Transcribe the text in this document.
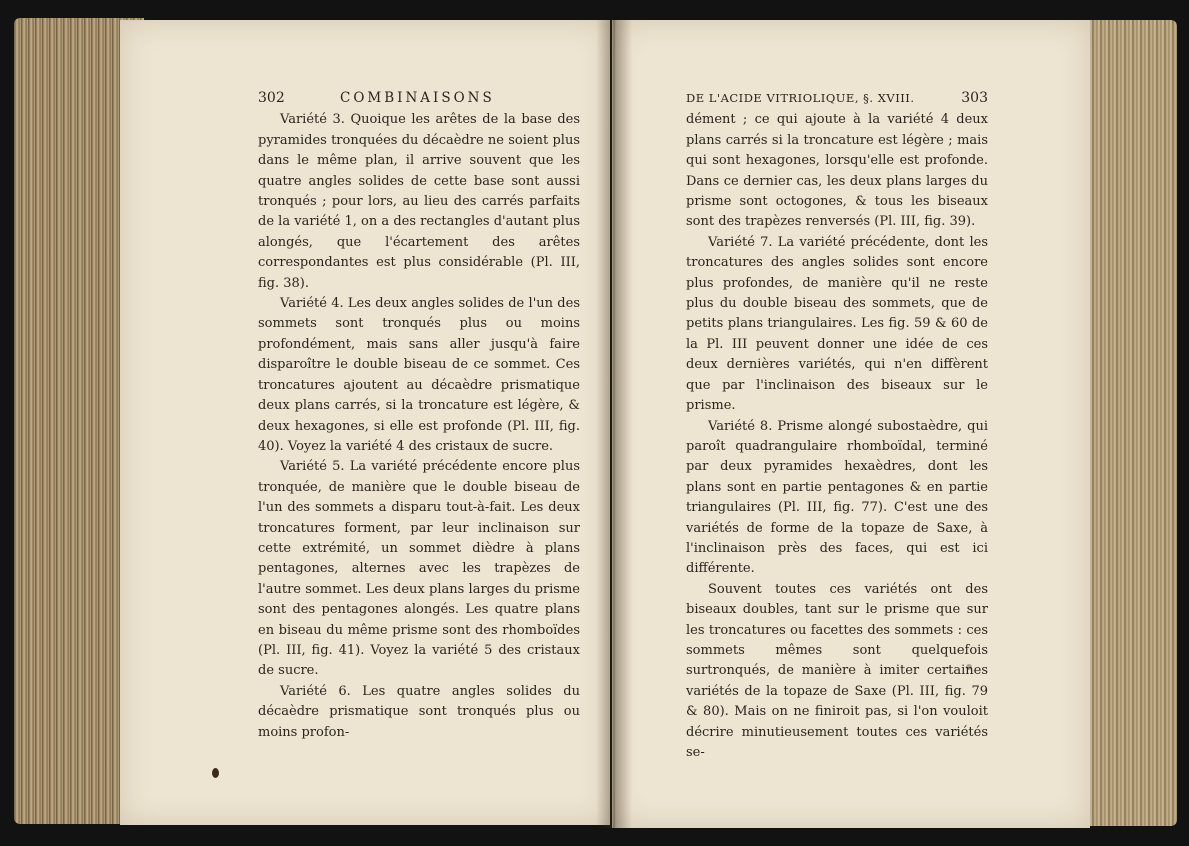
302	COMBINAISONS

Variété 3. Quoique les arêtes de la base des pyramides tronquées du décaèdre ne soient plus dans le même plan, il arrive souvent que les quatre angles solides de cette base sont aussi tronqués ; pour lors, au lieu des carrés parfaits de la variété 1, on a des rectangles d'autant plus alongés, que l'écartement des arêtes correspondantes est plus considérable (Pl. III, fig. 38).

Variété 4. Les deux angles solides de l'un des sommets sont tronqués plus ou moins profondément, mais sans aller jusqu'à faire disparoître le double biseau de ce sommet. Ces troncatures ajoutent au décaèdre prismatique deux plans carrés, si la troncature est légère, & deux hexagones, si elle est profonde (Pl. III, fig. 40). Voyez la variété 4 des cristaux de sucre.

Variété 5. La variété précédente encore plus tronquée, de manière que le double biseau de l'un des sommets a disparu tout-à-fait. Les deux troncatures forment, par leur inclinaison sur cette extrémité, un sommet dièdre à plans pentagones, alternes avec les trapèzes de l'autre sommet. Les deux plans larges du prisme sont des pentagones alongés. Les quatre plans en biseau du même prisme sont des rhomboïdes (Pl. III, fig. 41). Voyez la variété 5 des cristaux de sucre.

Variété 6. Les quatre angles solides du décaèdre prismatique sont tronqués plus ou moins profon-

DE L'ACIDE VITRIOLIQUE, §. XVIII.	303

dément ; ce qui ajoute à la variété 4 deux plans carrés si la troncature est légère ; mais qui sont hexagones, lorsqu'elle est profonde. Dans ce dernier cas, les deux plans larges du prisme sont octogones, & tous les biseaux sont des trapèzes renversés (Pl. III, fig. 39).

Variété 7. La variété précédente, dont les troncatures des angles solides sont encore plus profondes, de manière qu'il ne reste plus du double biseau des sommets, que de petits plans triangulaires. Les fig. 59 & 60 de la Pl. III peuvent donner une idée de ces deux dernières variétés, qui n'en diffèrent que par l'inclinaison des biseaux sur le prisme.

Variété 8. Prisme alongé subostaèdre, qui paroît quadrangulaire rhomboïdal, terminé par deux pyramides hexaèdres, dont les plans sont en partie pentagones & en partie triangulaires (Pl. III, fig. 77). C'est une des variétés de forme de la topaze de Saxe, à l'inclinaison près des faces, qui est ici différente.

Souvent toutes ces variétés ont des biseaux doubles, tant sur le prisme que sur les troncatures ou facettes des sommets : ces sommets mêmes sont quelquefois surtronqués, de manière à imiter certaines variétés de la topaze de Saxe (Pl. III, fig. 79 & 80). Mais on ne finiroit pas, si l'on vouloit décrire minutieusement toutes ces variétés se-
